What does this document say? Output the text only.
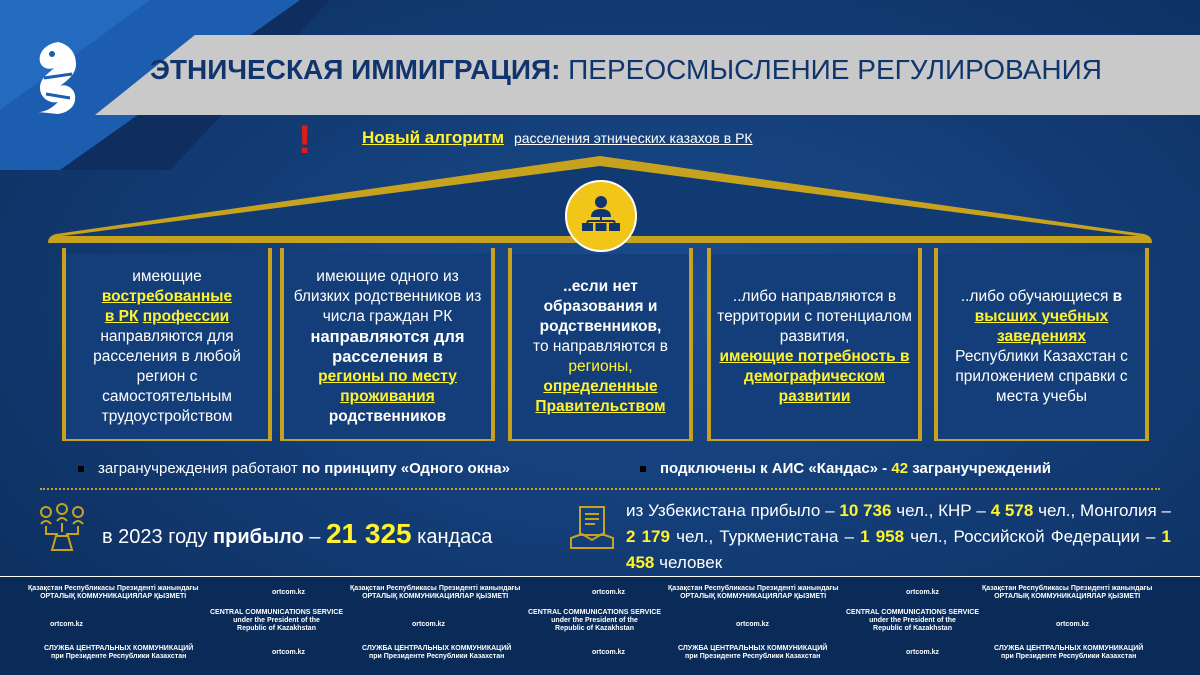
ЭТНИЧЕСКАЯ ИММИГРАЦИЯ: ПЕРЕОСМЫСЛЕНИЕ РЕГУЛИРОВАНИЯ
!	Новый алгоритм расселения этнических казахов в РК
имеющие
востребованные
в РК профессии
направляются для расселения в любой регион с самостоятельным трудоустройством
имеющие одного из близких родственников из числа граждан РК
направляются для расселения в
регионы по месту проживания
родственников
..если нет образования и родственников,
то направляются в
регионы,
определенные Правительством
..либо направляются в территории с потенциалом развития,
имеющие потребность в демографическом развитии
..либо обучающиеся в
высших учебных заведениях
Республики Казахстан с приложением справки с места учебы
загранучреждения работают по принципу «Одного окна»	подключены к АИС «Кандас» - 42 загранучреждений
в 2023 году прибыло – 21 325 кандаса
из Узбекистана прибыло – 10 736 чел., КНР – 4 578 чел., Монголия – 2 179 чел., Туркменистана – 1 958 чел., Российской Федерации – 1 458 человек
Қазақстан Республикасы Президенті жанындағы
ОРТАЛЫҚ КОММУНИКАЦИЯЛАР ҚЫЗМЕТІ
ortcom.kz
Қазақстан Республикасы Президенті жанындағы
ОРТАЛЫҚ КОММУНИКАЦИЯЛАР ҚЫЗМЕТІ
ortcom.kz
Қазақстан Республикасы Президенті жанындағы
ОРТАЛЫҚ КОММУНИКАЦИЯЛАР ҚЫЗМЕТІ
ortcom.kz
Қазақстан Республикасы Президенті жанындағы
ОРТАЛЫҚ КОММУНИКАЦИЯЛАР ҚЫЗМЕТІ
ortcom.kz
CENTRAL COMMUNICATIONS SERVICE
under the President of the
Republic of Kazakhstan
ortcom.kz
CENTRAL COMMUNICATIONS SERVICE
under the President of the
Republic of Kazakhstan
ortcom.kz
CENTRAL COMMUNICATIONS SERVICE
under the President of the
Republic of Kazakhstan
ortcom.kz
СЛУЖБА ЦЕНТРАЛЬНЫХ КОММУНИКАЦИЙ
при Президенте Республики Казахстан
ortcom.kz
СЛУЖБА ЦЕНТРАЛЬНЫХ КОММУНИКАЦИЙ
при Президенте Республики Казахстан
ortcom.kz
СЛУЖБА ЦЕНТРАЛЬНЫХ КОММУНИКАЦИЙ
при Президенте Республики Казахстан
ortcom.kz
СЛУЖБА ЦЕНТРАЛЬНЫХ КОММУНИКАЦИЙ
при Президенте Республики Казахстан
